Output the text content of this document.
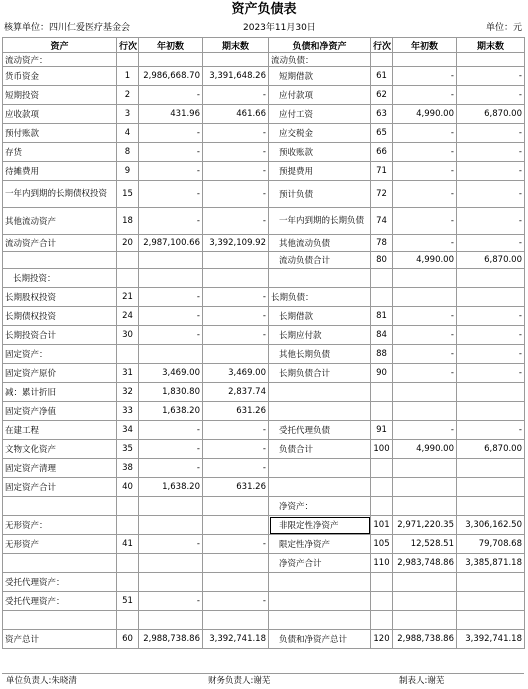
资产负债表
核算单位：四川仁爱医疗基金会	2023年11月30日	单位：元
资产	行次	年初数	期末数	负债和净资产	行次	年初数	期末数
流动资产：				流动负债：			
货币资金	1	2,986,668.70	3,391,648.26	短期借款	61	-	-
短期投资	2	-	-	应付款项	62	-	-
应收款项	3	431.96	461.66	应付工资	63	4,990.00	6,870.00
预付账款	4	-	-	应交税金	65	-	-
存货	8	-	-	预收账款	66	-	-
待摊费用	9	-	-	预提费用	71	-	-
一年内到期的长期债权投资	15	-	-	预计负债	72	-	-
其他流动资产	18	-	-	一年内到期的长期负债	74	-	-
流动资产合计	20	2,987,100.66	3,392,109.92	其他流动负债	78	-	-
				流动负债合计	80	4,990.00	6,870.00
长期投资：							
长期股权投资	21	-	-	长期负债：			
长期债权投资	24	-	-	长期借款	81	-	-
长期投资合计	30	-	-	长期应付款	84	-	-
固定资产：				其他长期负债	88	-	-
固定资产原价	31	3,469.00	3,469.00	长期负债合计	90	-	-
减：累计折旧	32	1,830.80	2,837.74				
固定资产净值	33	1,638.20	631.26				
在建工程	34	-	-	受托代理负债	91	-	-
文物文化资产	35	-	-	负债合计	100	4,990.00	6,870.00
固定资产清理	38	-	-				
固定资产合计	40	1,638.20	631.26				
				净资产：			
无形资产：				非限定性净资产	101	2,971,220.35	3,306,162.50
无形资产	41	-	-	限定性净资产	105	12,528.51	79,708.68
				净资产合计	110	2,983,748.86	3,385,871.18
受托代理资产：							
受托代理资产：	51	-	-				

资产总计	60	2,988,738.86	3,392,741.18	负债和净资产总计	120	2,988,738.86	3,392,741.18
单位负责人:朱晓清	财务负责人:谢芜	制表人:谢芜
